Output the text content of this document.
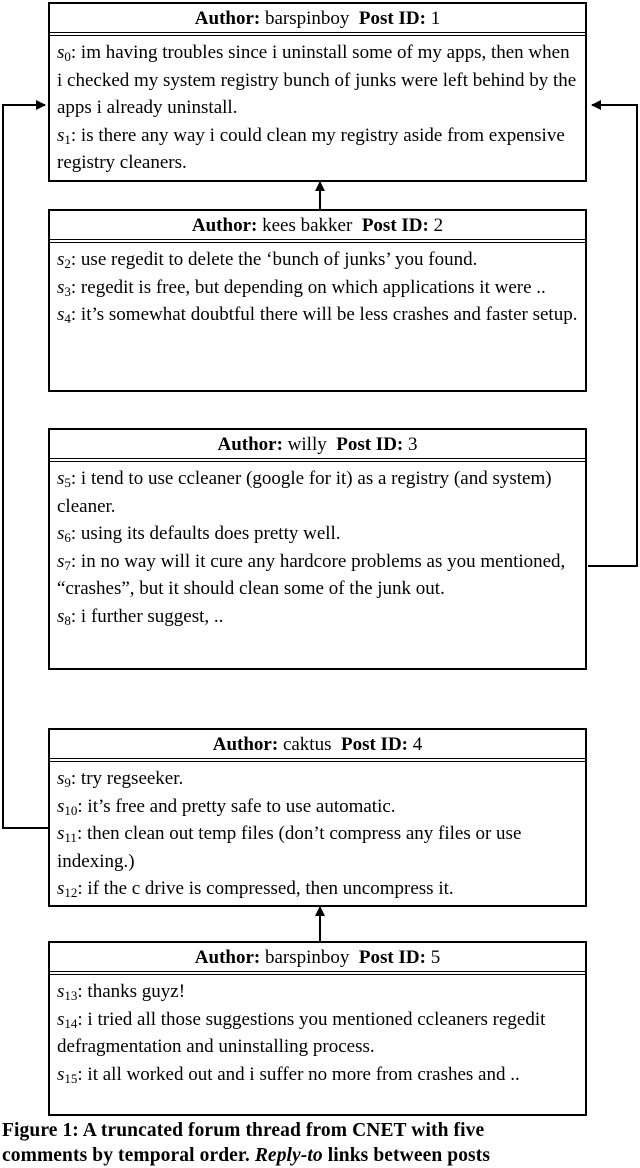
Author: barspinboy Post ID: 1

$s_0$: im having troubles since i uninstall some of my apps, then when i checked my system registry bunch of junks were left behind by the apps i already uninstall.

$s_1$: is there any way i could clean my registry aside from expensive registry cleaners.

Author: kees bakker Post ID: 2

$s_2$: use regedit to delete the ‘bunch of junks’ you found.

$s_3$: regedit is free, but depending on which applications it were ..

$s_4$: it’s somewhat doubtful there will be less crashes and faster setup.

Author: willy Post ID: 3

$s_5$: i tend to use ccleaner (google for it) as a registry (and system) cleaner.

$s_6$: using its defaults does pretty well.

$s_7$: in no way will it cure any hardcore problems as you mentioned, “crashes”, but it should clean some of the junk out.

$s_8$: i further suggest, ..

Author: caktus Post ID: 4

$s_9$: try regseeker.

$s_{10}$: it’s free and pretty safe to use automatic.

$s_{11}$: then clean out temp files (don’t compress any files or use indexing.)

$s_{12}$: if the c drive is compressed, then uncompress it.

Author: barspinboy Post ID: 5

$s_{13}$: thanks guyz!

$s_{14}$: i tried all those suggestions you mentioned ccleaners regedit defragmentation and uninstalling process.

$s_{15}$: it all worked out and i suffer no more from crashes and ..

Figure 1: A truncated forum thread from CNET with five
comments by temporal order. Reply-to links between posts
